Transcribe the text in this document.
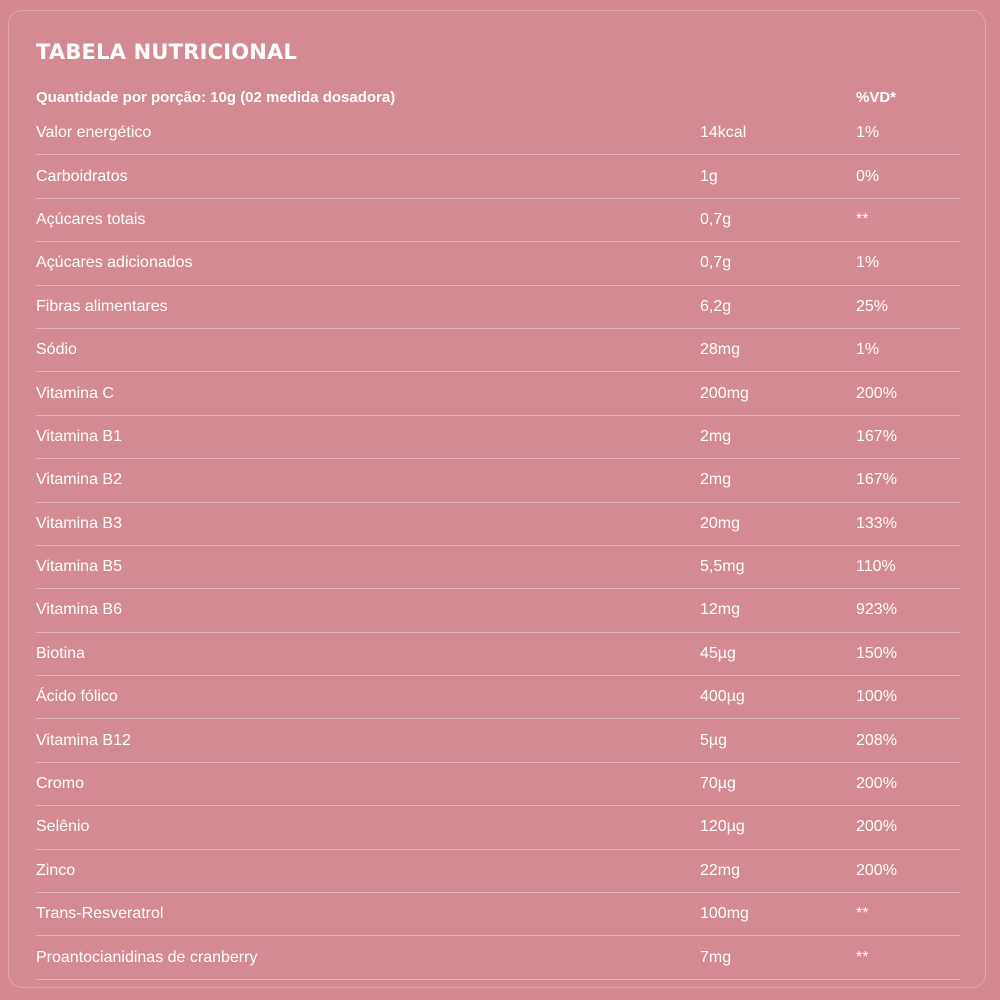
TABELA NUTRICIONAL
Quantidade por porção: 10g (02 medida dosadora)	%VD*
Valor energético	14kcal	1%
Carboidratos	1g	0%
Açúcares totais	0,7g	**
Açúcares adicionados	0,7g	1%
Fibras alimentares	6,2g	25%
Sódio	28mg	1%
Vitamina C	200mg	200%
Vitamina B1	2mg	167%
Vitamina B2	2mg	167%
Vitamina B3	20mg	133%
Vitamina B5	5,5mg	110%
Vitamina B6	12mg	923%
Biotina	45µg	150%
Ácido fólico	400µg	100%
Vitamina B12	5µg	208%
Cromo	70µg	200%
Selênio	120µg	200%
Zinco	22mg	200%
Trans-Resveratrol	100mg	**
Proantocianidinas de cranberry	7mg	**
